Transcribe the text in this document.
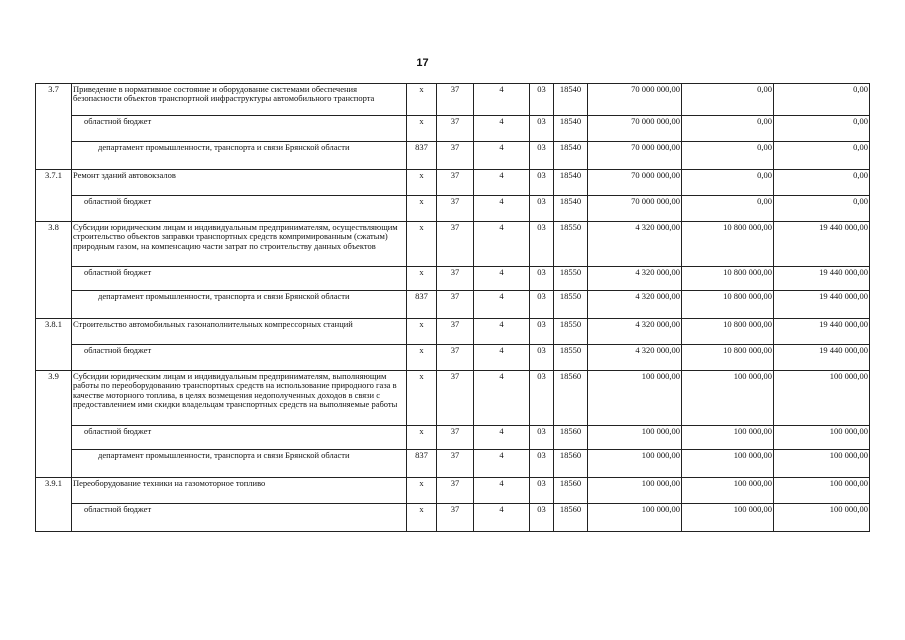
17
3.7	Приведение в нормативное состояние и оборудование системами обеспечения безопасности объектов транспортной инфраструктуры автомобильного транспорта	х	37	4	03	18540	70 000 000,00	0,00	0,00
	областной бюджет	х	37	4	03	18540	70 000 000,00	0,00	0,00
	департамент промышленности, транспорта и связи Брянской области	837	37	4	03	18540	70 000 000,00	0,00	0,00
3.7.1	Ремонт зданий автовокзалов	х	37	4	03	18540	70 000 000,00	0,00	0,00
	областной бюджет	х	37	4	03	18540	70 000 000,00	0,00	0,00
3.8	Субсидии юридическим лицам и индивидуальным предпринимателям, осуществляющим строительство объектов заправки транспортных средств компримированным (сжатым) природным газом, на компенсацию части затрат по строительству данных объектов	х	37	4	03	18550	4 320 000,00	10 800 000,00	19 440 000,00
	областной бюджет	х	37	4	03	18550	4 320 000,00	10 800 000,00	19 440 000,00
	департамент промышленности, транспорта и связи Брянской области	837	37	4	03	18550	4 320 000,00	10 800 000,00	19 440 000,00
3.8.1	Строительство автомобильных газонаполнительных компрессорных станций	х	37	4	03	18550	4 320 000,00	10 800 000,00	19 440 000,00
	областной бюджет	х	37	4	03	18550	4 320 000,00	10 800 000,00	19 440 000,00
3.9	Субсидии юридическим лицам и индивидуальным предпринимателям, выполняющим работы по переоборудованию транспортных средств на использование природного газа в качестве моторного топлива, в целях возмещения недополученных доходов в связи с предоставлением ими скидки владельцам транспортных средств на выполняемые работы	х	37	4	03	18560	100 000,00	100 000,00	100 000,00
	областной бюджет	х	37	4	03	18560	100 000,00	100 000,00	100 000,00
	департамент промышленности, транспорта и связи Брянской области	837	37	4	03	18560	100 000,00	100 000,00	100 000,00
3.9.1	Переоборудование техники на газомоторное топливо	х	37	4	03	18560	100 000,00	100 000,00	100 000,00
	областной бюджет	х	37	4	03	18560	100 000,00	100 000,00	100 000,00
